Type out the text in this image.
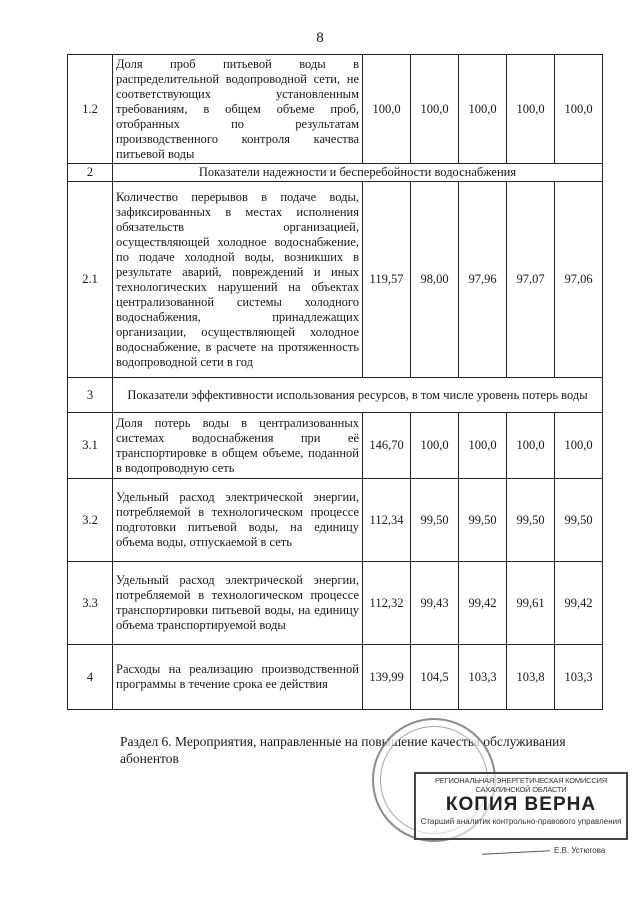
8
1.2	Доля проб питьевой воды в распределительной водопроводной сети, не соответствующих установленным требованиям, в общем объеме проб, отобранных по результатам производственного контроля качества питьевой воды	100,0	100,0	100,0	100,0	100,0
2	Показатели надежности и бесперебойности водоснабжения					
2.1	Количество перерывов в подаче воды, зафиксированных в местах исполнения обязательств организацией, осуществляющей холодное водоснабжение, по подаче холодной воды, возникших в результате аварий, повреждений и иных технологических нарушений на объектах централизованной системы холодного водоснабжения, принадлежащих организации, осуществляющей холодное водоснабжение, в расчете на протяженность водопроводной сети в год	119,57	98,00	97,96	97,07	97,06
3	Показатели эффективности использования ресурсов, в том числе уровень потерь воды					
3.1	Доля потерь воды в централизованных системах водоснабжения при её транспортировке в общем объеме, поданной в водопроводную сеть	146,70	100,0	100,0	100,0	100,0
3.2	Удельный расход электрической энергии, потребляемой в технологическом процессе подготовки питьевой воды, на единицу объема воды, отпускаемой в сеть	112,34	99,50	99,50	99,50	99,50
3.3	Удельный расход электрической энергии, потребляемой в технологическом процессе транспортировки питьевой воды, на единицу объема транспортируемой воды	112,32	99,43	99,42	99,61	99,42
4	Расходы на реализацию производственной программы в течение срока ее действия	139,99	104,5	103,3	103,8	103,3
Раздел 6. Мероприятия, направленные на повышение качества обслуживания абонентов
РЕГИОНАЛЬНАЯ ЭНЕРГЕТИЧЕСКАЯ КОМИССИЯ САХАЛИНСКОЙ ОБЛАСТИ
КОПИЯ ВЕРНА
Старший аналитик контрольно-правового управления
Е.В. Устюгова
